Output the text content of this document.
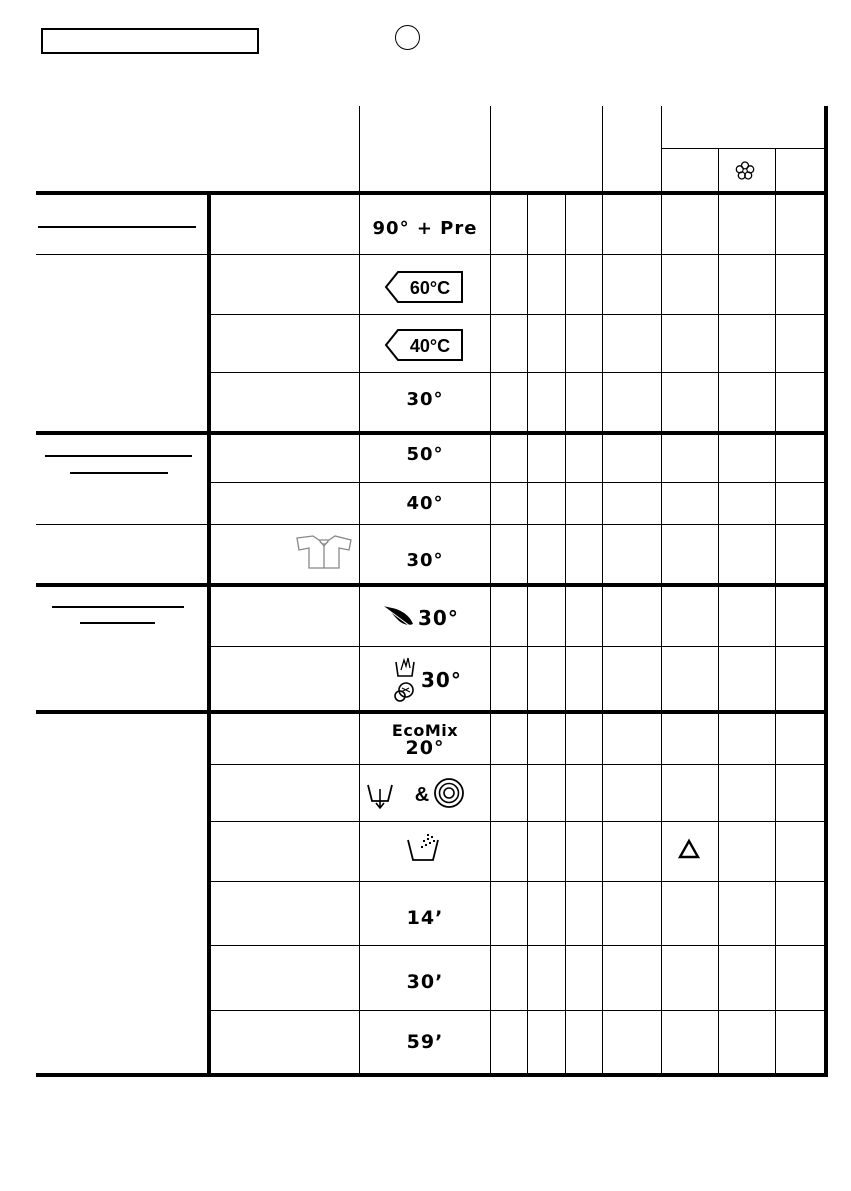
90° + Pre
60°C
40°C
30°
50°
40°
30°
30°
30°
EcoMix
20°
&
14’
30’
59’
